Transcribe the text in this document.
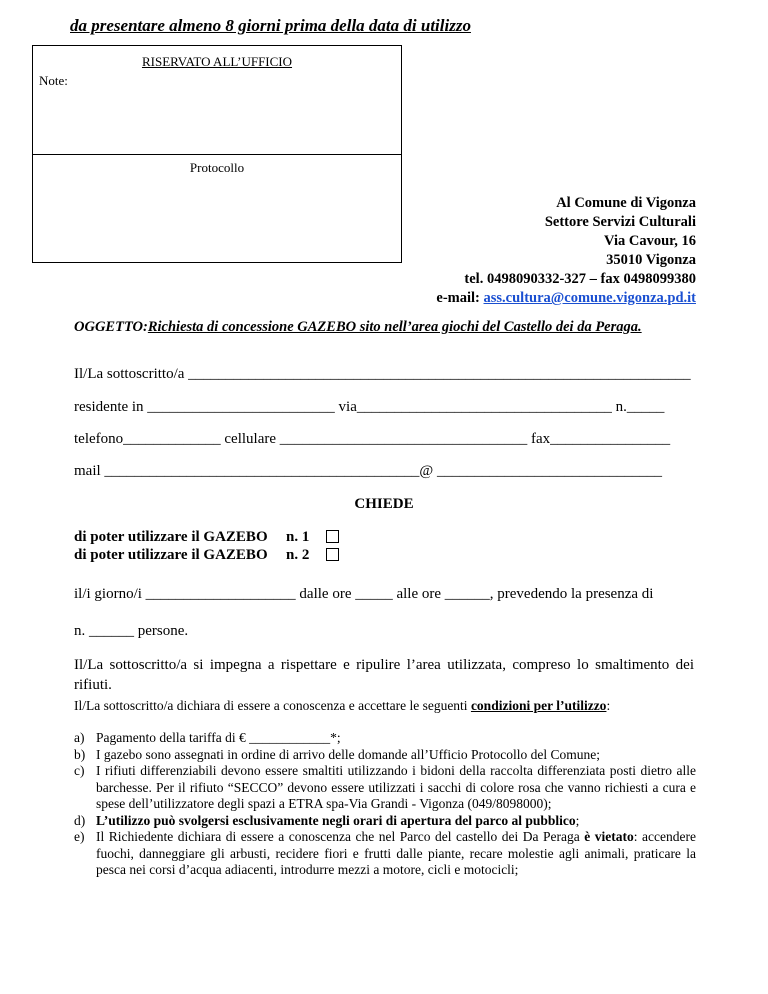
da presentare almeno 8 giorni prima della data di utilizzo
RISERVATO ALL’UFFICIO
Note:
Protocollo
Al Comune di Vigonza
Settore Servizi Culturali
Via Cavour, 16
35010 Vigonza
tel. 0498090332-327 – fax 0498099380
e-mail: ass.cultura@comune.vigonza.pd.it
OGGETTO:Richiesta di concessione GAZEBO sito nell’area giochi del Castello dei da Peraga.
Il/La sottoscritto/a ___________________________________________________________________
residente in _________________________ via__________________________________ n._____
telefono_____________ cellulare _________________________________ fax________________
mail __________________________________________@ ______________________________
CHIEDE
di poter utilizzare il GAZEBO n. 1
di poter utilizzare il GAZEBO n. 2
il/i giorno/i ____________________ dalle ore _____ alle ore ______, prevedendo la presenza di
n. ______ persone.
Il/La sottoscritto/a si impegna a rispettare e ripulire l’area utilizzata, compreso lo smaltimento dei rifiuti.
Il/La sottoscritto/a dichiara di essere a conoscenza e accettare le seguenti condizioni per l’utilizzo:
a) Pagamento della tariffa di € ____________*;
b) I gazebo sono assegnati in ordine di arrivo delle domande all’Ufficio Protocollo del Comune;
c) I rifiuti differenziabili devono essere smaltiti utilizzando i bidoni della raccolta differenziata posti dietro alle barchesse. Per il rifiuto “SECCO” devono essere utilizzati i sacchi di colore rosa che vanno richiesti a cura e spese dell’utilizzatore degli spazi a ETRA spa-Via Grandi - Vigonza (049/8098000);
d) L’utilizzo può svolgersi esclusivamente negli orari di apertura del parco al pubblico;
e) Il Richiedente dichiara di essere a conoscenza che nel Parco del castello dei Da Peraga è vietato: accendere fuochi, danneggiare gli arbusti, recidere fiori e frutti dalle piante, recare molestie agli animali, praticare la pesca nei corsi d’acqua adiacenti, introdurre mezzi a motore, cicli e motocicli;
